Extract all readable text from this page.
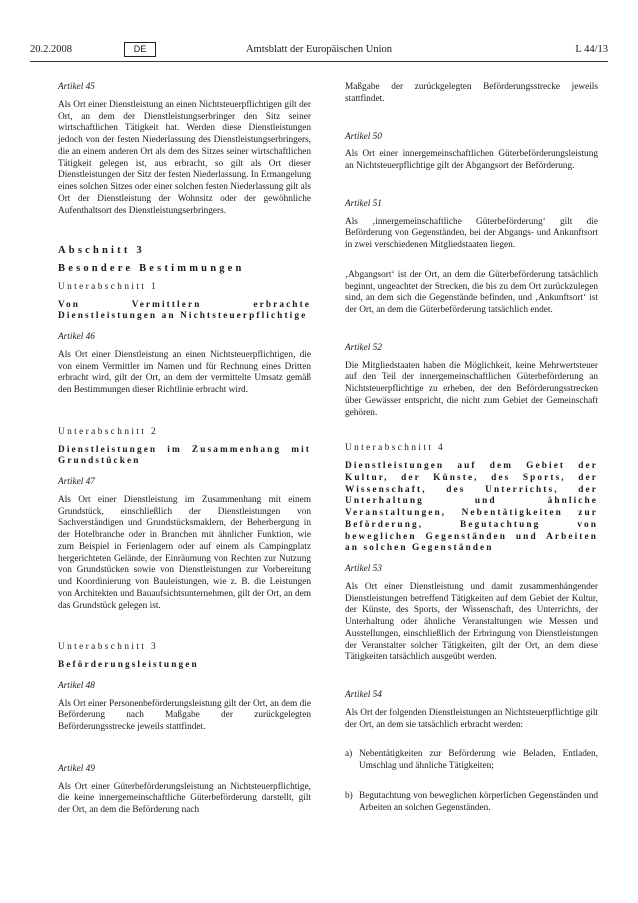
20.2.2008	DE	Amtsblatt der Europäischen Union	L 44/13

Artikel 45

Als Ort einer Dienstleistung an einen Nichtsteuerpflichtigen gilt der Ort, an dem der Dienstleistungserbringer den Sitz seiner wirtschaftlichen Tätigkeit hat. Werden diese Dienstleistungen jedoch von der festen Niederlassung des Dienstleistungserbringers, die an einem anderen Ort als dem des Sitzes seiner wirtschaftlichen Tätigkeit gelegen ist, aus erbracht, so gilt als Ort dieser Dienstleistungen der Sitz der festen Niederlassung. In Ermangelung eines solchen Sitzes oder einer solchen festen Niederlassung gilt als Ort der Dienstleistung der Wohnsitz oder der gewöhnliche Aufenthaltsort des Dienstleistungserbringers.

Abschnitt 3

Besondere Bestimmungen

Unterabschnitt 1

Von Vermittlern erbrachte Dienstleistungen an Nichtsteuerpflichtige

Artikel 46

Als Ort einer Dienstleistung an einen Nichtsteuerpflichtigen, die von einem Vermittler im Namen und für Rechnung eines Dritten erbracht wird, gilt der Ort, an dem der vermittelte Umsatz gemäß den Bestimmungen dieser Richtlinie erbracht wird.

Unterabschnitt 2

Dienstleistungen im Zusammenhang mit Grundstücken

Artikel 47

Als Ort einer Dienstleistung im Zusammenhang mit einem Grundstück, einschließlich der Dienstleistungen von Sachverständigen und Grundstücksmaklern, der Beherbergung in der Hotelbranche oder in Branchen mit ähnlicher Funktion, wie zum Beispiel in Ferienlagern oder auf einem als Campingplatz hergerichteten Gelände, der Einräumung von Rechten zur Nutzung von Grundstücken sowie von Dienstleistungen zur Vorbereitung und Koordinierung von Bauleistungen, wie z. B. die Leistungen von Architekten und Bauaufsichtsunternehmen, gilt der Ort, an dem das Grundstück gelegen ist.

Unterabschnitt 3

Beförderungsleistungen

Artikel 48

Als Ort einer Personenbeförderungsleistung gilt der Ort, an dem die Beförderung nach Maßgabe der zurückgelegten Beförderungsstrecke jeweils stattfindet.

Artikel 49

Als Ort einer Güterbeförderungsleistung an Nichtsteuerpflichtige, die keine innergemeinschaftliche Güterbeförderung darstellt, gilt der Ort, an dem die Beförderung nach

Maßgabe der zurückgelegten Beförderungsstrecke jeweils stattfindet.

Artikel 50

Als Ort einer innergemeinschaftlichen Güterbeförderungsleistung an Nichtsteuerpflichtige gilt der Abgangsort der Beförderung.

Artikel 51

Als ‚innergemeinschaftliche Güterbeförderung‘ gilt die Beförderung von Gegenständen, bei der Abgangs- und Ankunftsort in zwei verschiedenen Mitgliedstaaten liegen.

‚Abgangsort‘ ist der Ort, an dem die Güterbeförderung tatsächlich beginnt, ungeachtet der Strecken, die bis zu dem Ort zurückzulegen sind, an dem sich die Gegenstände befinden, und ‚Ankunftsort‘ ist der Ort, an dem die Güterbeförderung tatsächlich endet.

Artikel 52

Die Mitgliedstaaten haben die Möglichkeit, keine Mehrwertsteuer auf den Teil der innergemeinschaftlichen Güterbeförderung an Nichtsteuerpflichtige zu erheben, der den Beförderungsstrecken über Gewässer entspricht, die nicht zum Gebiet der Gemeinschaft gehören.

Unterabschnitt 4

Dienstleistungen auf dem Gebiet der Kultur, der Künste, des Sports, der Wissenschaft, des Unterrichts, der Unterhaltung und ähnliche Veranstaltungen, Nebentätigkeiten zur Beförderung, Begutachtung von beweglichen Gegenständen und Arbeiten an solchen Gegenständen

Artikel 53

Als Ort einer Dienstleistung und damit zusammenhängender Dienstleistungen betreffend Tätigkeiten auf dem Gebiet der Kultur, der Künste, des Sports, der Wissenschaft, des Unterrichts, der Unterhaltung oder ähnliche Veranstaltungen wie Messen und Ausstellungen, einschließlich der Erbringung von Dienstleistungen der Veranstalter solcher Tätigkeiten, gilt der Ort, an dem diese Tätigkeiten tatsächlich ausgeübt werden.

Artikel 54

Als Ort der folgenden Dienstleistungen an Nichtsteuerpflichtige gilt der Ort, an dem sie tatsächlich erbracht werden:

a) Nebentätigkeiten zur Beförderung wie Beladen, Entladen, Umschlag und ähnliche Tätigkeiten;
b) Begutachtung von beweglichen körperlichen Gegenständen und Arbeiten an solchen Gegenständen.
